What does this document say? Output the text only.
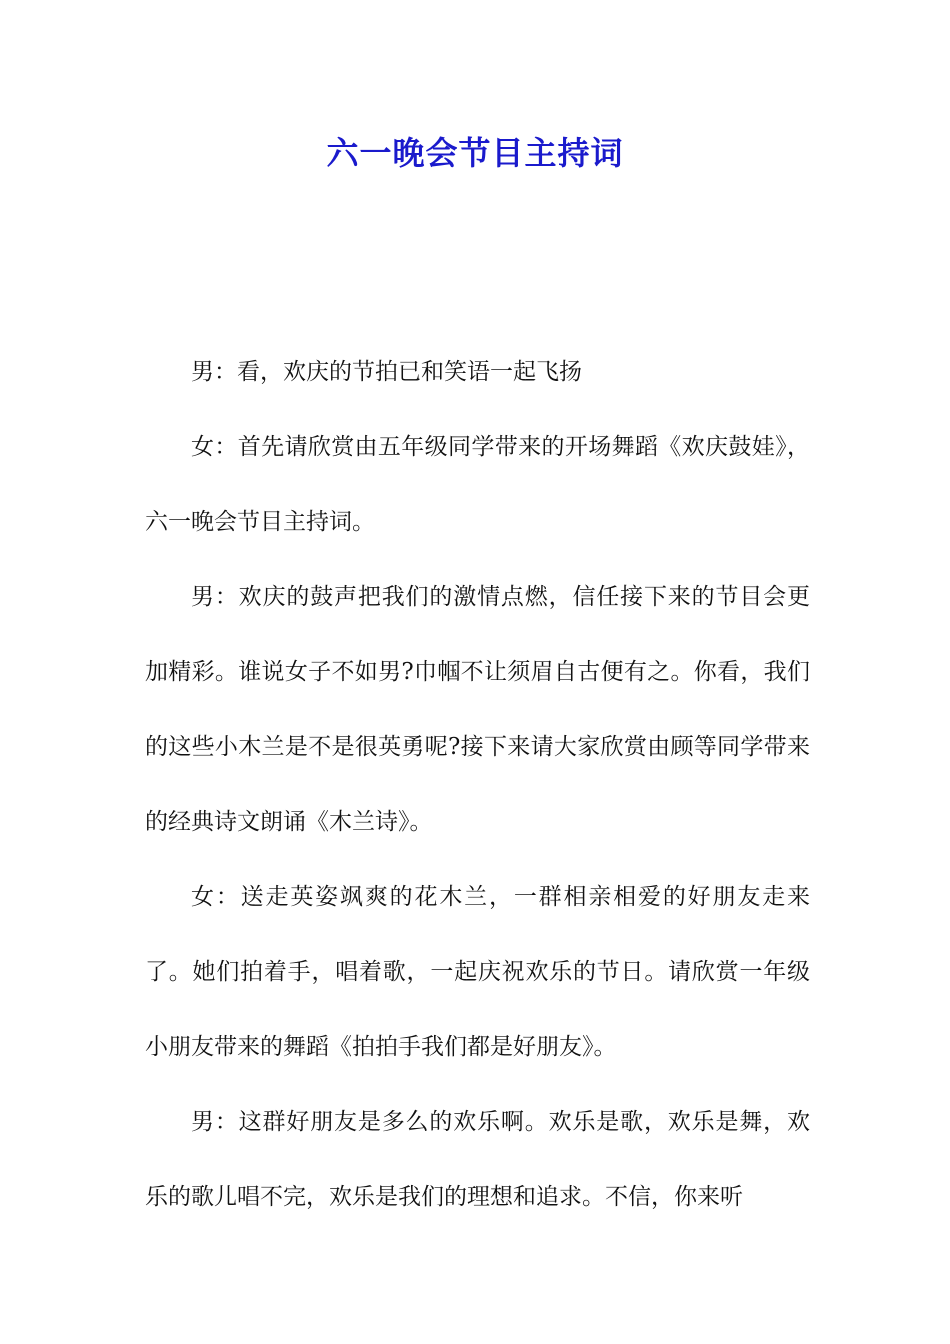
六一晚会节目主持词

男：看，欢庆的节拍已和笑语一起飞扬

女：首先请欣赏由五年级同学带来的开场舞蹈《欢庆鼓娃》，六一晚会节目主持词。

男：欢庆的鼓声把我们的激情点燃，信任接下来的节目会更加精彩。谁说女子不如男?巾帼不让须眉自古便有之。你看，我们的这些小木兰是不是很英勇呢?接下来请大家欣赏由顾等同学带来的经典诗文朗诵《木兰诗》。

女：送走英姿飒爽的花木兰，一群相亲相爱的好朋友走来了。她们拍着手，唱着歌，一起庆祝欢乐的节日。请欣赏一年级小朋友带来的舞蹈《拍拍手我们都是好朋友》。

男：这群好朋友是多么的欢乐啊。欢乐是歌，欢乐是舞，欢乐的歌儿唱不完，欢乐是我们的理想和追求。不信，你来听
